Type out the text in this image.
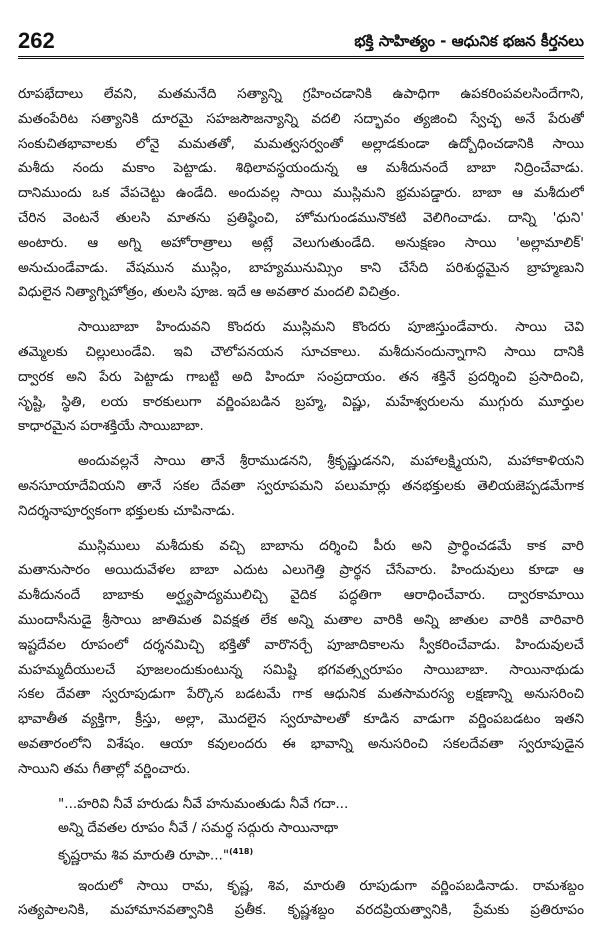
262	భక్తి సాహిత్యం - ఆధునిక భజన కీర్తనలు
రూపభేదాలు లేవని, మతమనేది సత్యాన్ని గ్రహించడానికి ఉపాధిగా ఉపకరింపవలసిందేగాని,
మతంపేరిట సత్యానికి దూరమై సహజసౌజన్యాన్ని వదలి సద్భావం త్యజించి స్వేచ్ఛ అనే పేరుతో
సంకుచితభావాలకు లోనై మమతతో, మమత్వసర్వంతో అల్లాడకుండా ఉద్బోధించడానికి సాయి
మశీదు నందు మకాం పెట్టాడు. శిథిలావస్థయందున్న ఆ మశీదునందే బాబా నిద్రించేవాడు.
దానిముందు ఒక వేపచెట్టు ఉండేది. అందువల్ల సాయి ముస్లిమని భ్రమపడ్డారు. బాబా ఆ మశీదులో
చేరిన వెంటనే తులసి మాతను ప్రతిష్ఠించి, హోమగుండమునొకటి వెలిగించాడు. దాన్ని 'ధుని'
అంటారు. ఆ అగ్ని అహోరాత్రాలు అట్లే వెలుగుతుండేది. అనుక్షణం సాయి 'అల్లామాలిక్'
అనుచుండేవాడు. వేషమున ముస్లిం, బాహ్యమునుమ్సిం కాని చేసేది పరిశుద్ధమైన బ్రాహ్మణుని
విధులైన నిత్యాగ్నిహోత్రం, తులసి పూజ. ఇదే ఆ అవతార మందలి విచిత్రం.
సాయిబాబా హిందువని కొందరు ముస్లిమని కొందరు పూజిస్తుండేవారు. సాయి చెవి
తమ్మెలకు చిల్లులుండేవి. ఇవి చౌలోపనయన సూచకాలు. మశీదునందున్నాగాని సాయి దానికి
ద్వారక అని పేరు పెట్టాడు గాబట్టి అది హిందూ సంప్రదాయం. తన శక్తినే ప్రదర్శించి ప్రసాదించి,
సృష్టి, స్థితి, లయ కారకులుగా వర్ణింపబడిన బ్రహ్మ, విష్ణు, మహేశ్వరులను ముగ్గురు మూర్తుల
కాధారమైన పరాశక్తియే సాయిబాబా.
అందువల్లనే సాయి తానే శ్రీరాముడనని, శ్రీకృష్ణుడనని, మహాలక్ష్మియని, మహాకాళియని
అనసూయాదేవియని తానే సకల దేవతా స్వరూపమని పలుమార్లు తనభక్తులకు తెలియజెప్పడమేగాక
నిదర్శనాపూర్వకంగా భక్తులకు చూపినాడు.
ముస్లిములు మశీదుకు వచ్చి బాబాను దర్శించి పీరు అని ప్రార్థించడమే కాక వారి
మతానుసారం అయిదువేళల బాబా ఎదుట ఎలుగెత్తి ప్రార్థన చేసేవారు. హిందువులు కూడా ఆ
మశీదునందే బాబాకు అర్ఘ్యపాద్యములిచ్చి వైదిక పద్ధతిగా ఆరాధించేవారు. ద్వారకామాయి
ముందాసీనుడై శ్రీసాయి జాతిమత వివక్షత లేక అన్ని మతాల వారికి అన్ని జాతుల వారికి వారివారి
ఇష్టదేవల రూపంలో దర్శనమిచ్చి భక్తితో వారొనర్చే పూజాదికాలను స్వీకరించేవాడు. హిందువులచే
మహమ్మదీయులచే పూజలందుకుంటున్న సమిష్టి భగవత్స్వరూపం సాయిబాబా. సాయినాథుడు
సకల దేవతా స్వరూపుడుగా పేర్కొన బడటమే గాక ఆధునిక మతసామరస్య లక్షణాన్ని అనుసరించి
భావాతీత వ్యక్తిగా, క్రీస్తు, అల్లా, మొదలైన స్వరూపాలతో కూడిన వాడుగా వర్ణింపబడటం ఇతని
అవతారంలోని విశేషం. ఆయా కవులందరు ఈ భావాన్ని అనుసరించి సకలదేవతా స్వరూపుడైన
సాయిని తమ గీతాల్లో వర్ణించారు.
"...హరివి నీవే హరుడు నీవే హనుమంతుడు నీవే గదా...
అన్ని దేవతల రూపం నీవే / సమర్థ సద్గురు సాయినాథా
కృష్ణరామ శివ మారుతి రూపా..."$^{(418)}$
ఇందులో సాయి రామ, కృష్ణ, శివ, మారుతి రూపుడుగా వర్ణింపబడినాడు. రామశబ్దం
సత్యపాలనికి, మహామానవత్వానికి ప్రతీక. కృష్ణశబ్దం వరదప్రియత్వానికి, ప్రేమకు ప్రతిరూపం
